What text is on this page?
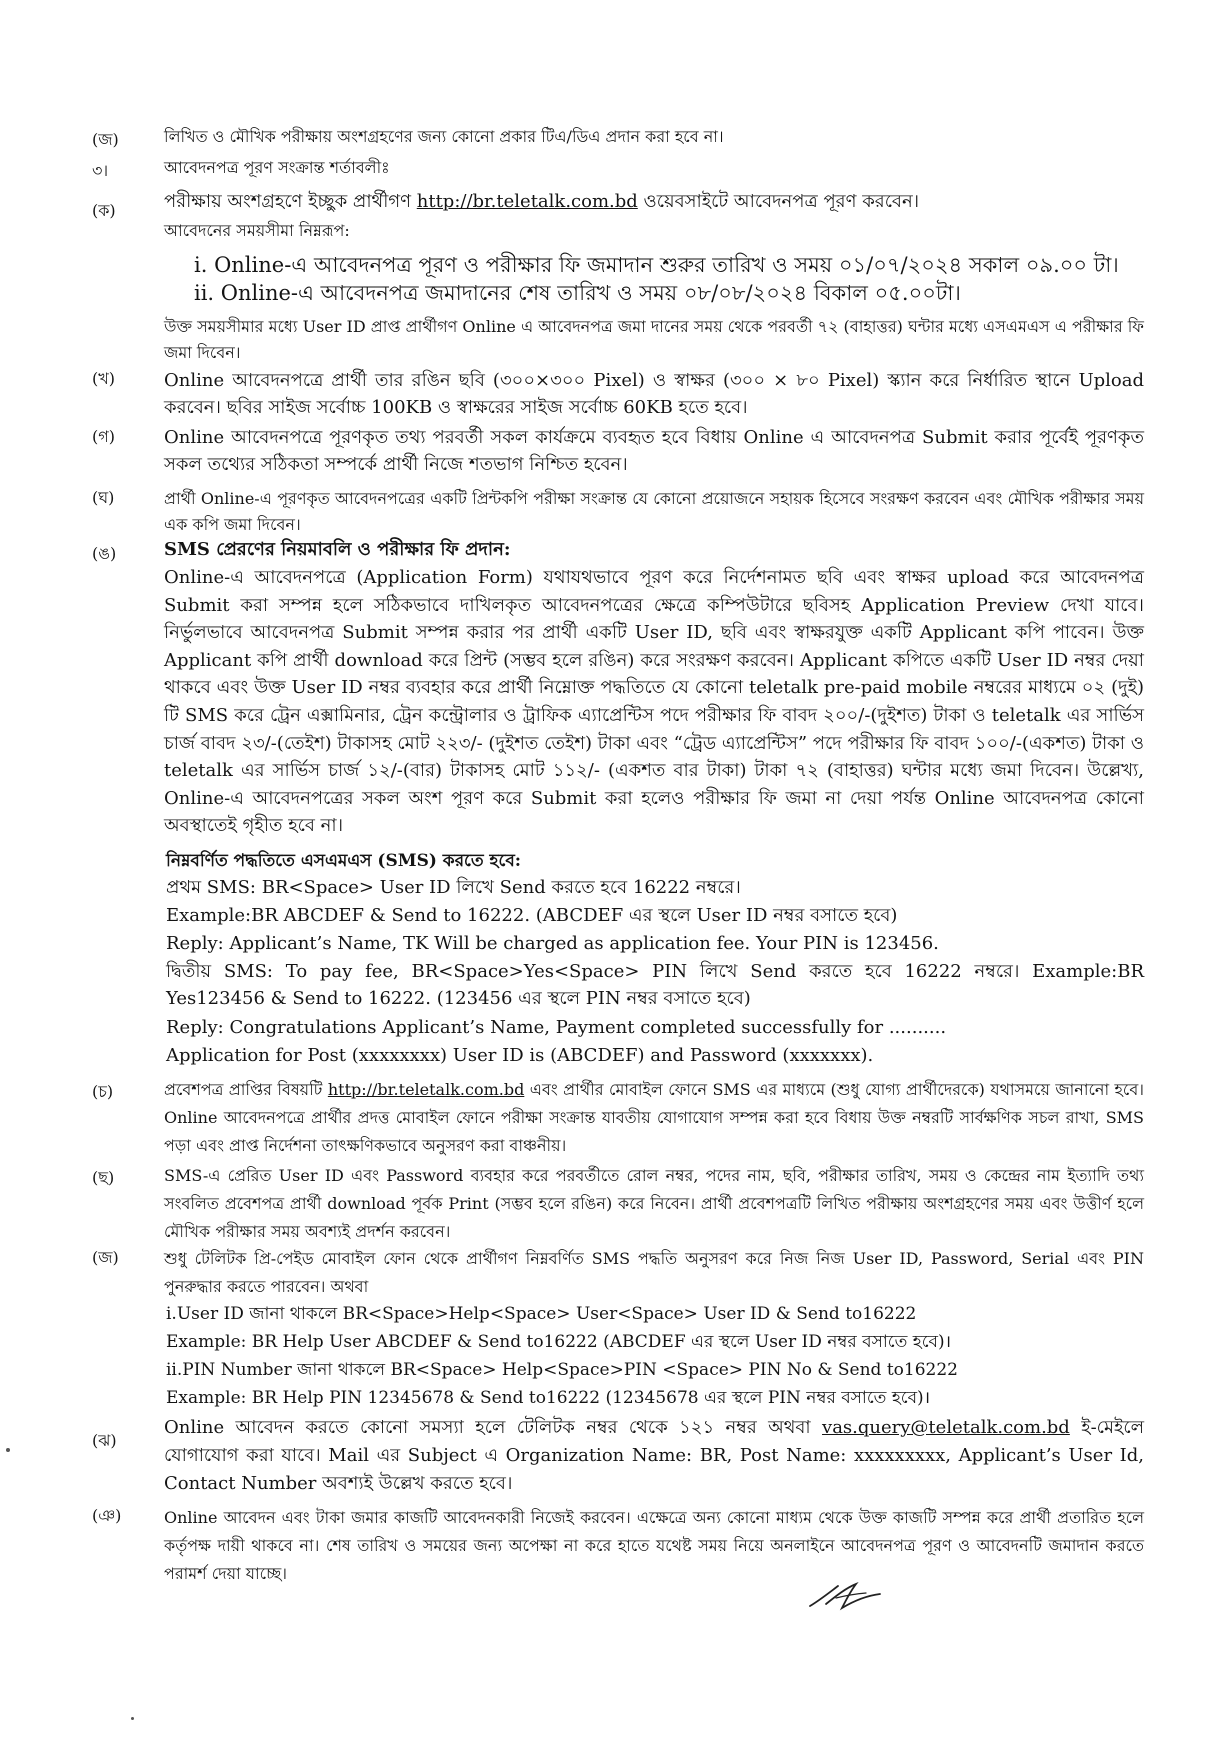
(জ)	লিখিত ও মৌখিক পরীক্ষায় অংশগ্রহণের জন্য কোনো প্রকার টিএ/ডিএ প্রদান করা হবে না।
৩।	আবেদনপত্র পূরণ সংক্রান্ত শর্তাবলীঃ
(ক)	পরীক্ষায় অংশগ্রহণে ইচ্ছুক প্রার্থীগণ http://br.teletalk.com.bd ওয়েবসাইটে আবেদনপত্র পূরণ করবেন।
আবেদনের সময়সীমা নিম্নরূপ:
i. Online-এ আবেদনপত্র পূরণ ও পরীক্ষার ফি জমাদান শুরুর তারিখ ও সময় ০১/০৭/২০২৪ সকাল ০৯.০০ টা।
ii. Online-এ আবেদনপত্র জমাদানের শেষ তারিখ ও সময় ০৮/০৮/২০২৪ বিকাল ০৫.০০টা।
উক্ত সময়সীমার মধ্যে User ID প্রাপ্ত প্রার্থীগণ Online এ আবেদনপত্র জমা দানের সময় থেকে পরবর্তী ৭২ (বাহাত্তর) ঘন্টার মধ্যে এসএমএস এ পরীক্ষার ফি জমা দিবেন।
(খ)	Online আবেদনপত্রে প্রার্থী তার রঙিন ছবি (৩০০×৩০০ Pixel) ও স্বাক্ষর (৩০০ × ৮০ Pixel) স্ক্যান করে নির্ধারিত স্থানে Upload করবেন। ছবির সাইজ সর্বোচ্চ 100KB ও স্বাক্ষরের সাইজ সর্বোচ্চ 60KB হতে হবে।
(গ)	Online আবেদনপত্রে পূরণকৃত তথ্য পরবর্তী সকল কার্যক্রমে ব্যবহৃত হবে বিধায় Online এ আবেদনপত্র Submit করার পূর্বেই পূরণকৃত সকল তথ্যের সঠিকতা সম্পর্কে প্রার্থী নিজে শতভাগ নিশ্চিত হবেন।
(ঘ)	প্রার্থী Online-এ পূরণকৃত আবেদনপত্রের একটি প্রিন্টকপি পরীক্ষা সংক্রান্ত যে কোনো প্রয়োজনে সহায়ক হিসেবে সংরক্ষণ করবেন এবং মৌখিক পরীক্ষার সময় এক কপি জমা দিবেন।
(ঙ)	SMS প্রেরণের নিয়মাবলি ও পরীক্ষার ফি প্রদান:
Online-এ আবেদনপত্রে (Application Form) যথাযথভাবে পূরণ করে নির্দেশনামত ছবি এবং স্বাক্ষর upload করে আবেদনপত্র Submit করা সম্পন্ন হলে সঠিকভাবে দাখিলকৃত আবেদনপত্রের ক্ষেত্রে কম্পিউটারে ছবিসহ Application Preview দেখা যাবে। নির্ভুলভাবে আবেদনপত্র Submit সম্পন্ন করার পর প্রার্থী একটি User ID, ছবি এবং স্বাক্ষরযুক্ত একটি Applicant কপি পাবেন। উক্ত Applicant কপি প্রার্থী download করে প্রিন্ট (সম্ভব হলে রঙিন) করে সংরক্ষণ করবেন। Applicant কপিতে একটি User ID নম্বর দেয়া থাকবে এবং উক্ত User ID নম্বর ব্যবহার করে প্রার্থী নিম্নোক্ত পদ্ধতিতে যে কোনো teletalk pre-paid mobile নম্বরের মাধ্যমে ০২ (দুই) টি SMS করে ট্রেন এক্সামিনার, ট্রেন কন্ট্রোলার ও ট্রাফিক এ্যাপ্রেন্টিস পদে পরীক্ষার ফি বাবদ ২০০/-(দুইশত) টাকা ও teletalk এর সার্ভিস চার্জ বাবদ ২৩/-(তেইশ) টাকাসহ মোট ২২৩/- (দুইশত তেইশ) টাকা এবং “ট্রেড এ্যাপ্রেন্টিস” পদে পরীক্ষার ফি বাবদ ১০০/-(একশত) টাকা ও teletalk এর সার্ভিস চার্জ ১২/-(বার) টাকাসহ মোট ১১২/- (একশত বার টাকা) টাকা ৭২ (বাহাত্তর) ঘন্টার মধ্যে জমা দিবেন। উল্লেখ্য, Online-এ আবেদনপত্রের সকল অংশ পূরণ করে Submit করা হলেও পরীক্ষার ফি জমা না দেয়া পর্যন্ত Online আবেদনপত্র কোনো অবস্থাতেই গৃহীত হবে না।
নিম্নবর্ণিত পদ্ধতিতে এসএমএস (SMS) করতে হবে:
প্রথম SMS: BR<Space> User ID লিখে Send করতে হবে 16222 নম্বরে।
Example:BR ABCDEF & Send to 16222. (ABCDEF এর স্থলে User ID নম্বর বসাতে হবে)
Reply: Applicant’s Name, TK Will be charged as application fee. Your PIN is 123456.
দ্বিতীয় SMS: To pay fee, BR<Space>Yes<Space> PIN লিখে Send করতে হবে 16222 নম্বরে। Example:BR Yes123456 & Send to 16222. (123456 এর স্থলে PIN নম্বর বসাতে হবে)
Reply: Congratulations Applicant’s Name, Payment completed successfully for ..........
Application for Post (xxxxxxxx) User ID is (ABCDEF) and Password (xxxxxxx).
(চ)	প্রবেশপত্র প্রাপ্তির বিষয়টি http://br.teletalk.com.bd এবং প্রার্থীর মোবাইল ফোনে SMS এর মাধ্যমে (শুধু যোগ্য প্রার্থীদেরকে) যথাসময়ে জানানো হবে। Online আবেদনপত্রে প্রার্থীর প্রদত্ত মোবাইল ফোনে পরীক্ষা সংক্রান্ত যাবতীয় যোগাযোগ সম্পন্ন করা হবে বিধায় উক্ত নম্বরটি সার্বক্ষণিক সচল রাখা, SMS পড়া এবং প্রাপ্ত নির্দেশনা তাৎক্ষণিকভাবে অনুসরণ করা বাঞ্চনীয়।
(ছ)	SMS-এ প্রেরিত User ID এবং Password ব্যবহার করে পরবর্তীতে রোল নম্বর, পদের নাম, ছবি, পরীক্ষার তারিখ, সময় ও কেন্দ্রের নাম ইত্যাদি তথ্য সংবলিত প্রবেশপত্র প্রার্থী download পূর্বক Print (সম্ভব হলে রঙিন) করে নিবেন। প্রার্থী প্রবেশপত্রটি লিখিত পরীক্ষায় অংশগ্রহণের সময় এবং উত্তীর্ণ হলে মৌখিক পরীক্ষার সময় অবশ্যই প্রদর্শন করবেন।
(জ)	শুধু টেলিটক প্রি-পেইড মোবাইল ফোন থেকে প্রার্থীগণ নিম্নবর্ণিত SMS পদ্ধতি অনুসরণ করে নিজ নিজ User ID, Password, Serial এবং PIN পুনরুদ্ধার করতে পারবেন। অথবা
i.User ID জানা থাকলে BR<Space>Help<Space> User<Space> User ID & Send to16222
Example: BR Help User ABCDEF & Send to16222 (ABCDEF এর স্থলে User ID নম্বর বসাতে হবে)।
ii.PIN Number জানা থাকলে BR<Space> Help<Space>PIN <Space> PIN No & Send to16222
Example: BR Help PIN 12345678 & Send to16222 (12345678 এর স্থলে PIN নম্বর বসাতে হবে)।
(ঝ)
Online আবেদন করতে কোনো সমস্যা হলে টেলিটক নম্বর থেকে ১২১ নম্বর অথবা vas.query@teletalk.com.bd ই-মেইলে যোগাযোগ করা যাবে। Mail এর Subject এ Organization Name: BR, Post Name: xxxxxxxxx, Applicant’s User Id, Contact Number অবশ্যই উল্লেখ করতে হবে।
(ঞ)	Online আবেদন এবং টাকা জমার কাজটি আবেদনকারী নিজেই করবেন। এক্ষেত্রে অন্য কোনো মাধ্যম থেকে উক্ত কাজটি সম্পন্ন করে প্রার্থী প্রতারিত হলে কর্তৃপক্ষ দায়ী থাকবে না। শেষ তারিখ ও সময়ের জন্য অপেক্ষা না করে হাতে যথেষ্ট সময় নিয়ে অনলাইনে আবেদনপত্র পূরণ ও আবেদনটি জমাদান করতে পরামর্শ দেয়া যাচ্ছে।
